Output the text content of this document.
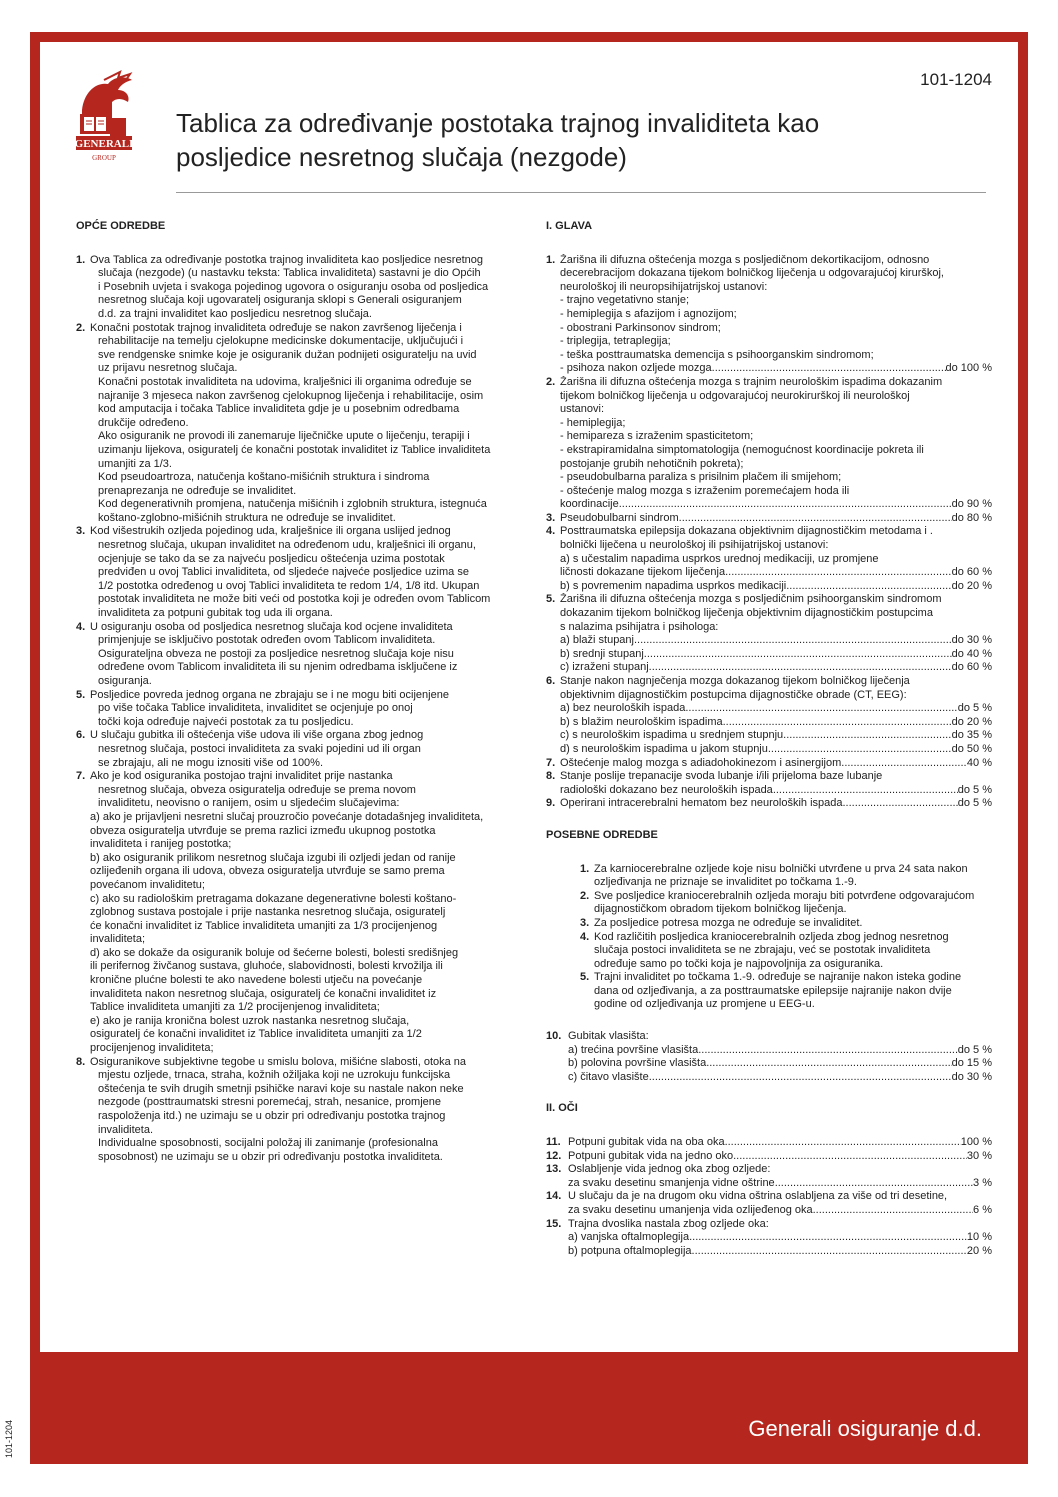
101-1204
GENERALI
GROUP
Tablica za određivanje postotaka trajnog invaliditeta kao
posljedice nesretnog slučaja (nezgode)
OPĆE ODREDBE
1. Ova Tablica za određivanje postotka trajnog invaliditeta kao posljedice nesretnog
slučaja (nezgode) (u nastavku teksta: Tablica invaliditeta) sastavni je dio Općih
i Posebnih uvjeta i svakoga pojedinog ugovora o osiguranju osoba od posljedica
nesretnog slučaja koji ugovaratelj osiguranja sklopi s Generali osiguranjem
d.d. za trajni invaliditet kao posljedicu nesretnog slučaja.
2. Konačni postotak trajnog invaliditeta određuje se nakon završenog liječenja i
rehabilitacije na temelju cjelokupne medicinske dokumentacije, uključujući i
sve rendgenske snimke koje je osiguranik dužan podnijeti osiguratelju na uvid
uz prijavu nesretnog slučaja.
Konačni postotak invaliditeta na udovima, kralješnici ili organima određuje se
najranije 3 mjeseca nakon završenog cjelokupnog liječenja i rehabilitacije, osim
kod amputacija i točaka Tablice invaliditeta gdje je u posebnim odredbama
drukčije određeno.
Ako osiguranik ne provodi ili zanemaruje liječničke upute o liječenju, terapiji i
uzimanju lijekova, osiguratelj će konačni postotak invaliditet iz Tablice invaliditeta
umanjiti za 1/3.
Kod pseudoartroza, natučenja koštano-mišićnih struktura i sindroma
prenaprezanja ne određuje se invaliditet.
Kod degenerativnih promjena, natučenja mišićnih i zglobnih struktura, istegnuća
koštano-zglobno-mišićnih struktura ne određuje se invaliditet.
3. Kod višestrukih ozljeda pojedinog uda, kralješnice ili organa uslijed jednog
nesretnog slučaja, ukupan invaliditet na određenom udu, kralješnici ili organu,
ocjenjuje se tako da se za najveću posljedicu oštećenja uzima postotak
predviđen u ovoj Tablici invaliditeta, od sljedeće najveće posljedice uzima se
1/2 postotka određenog u ovoj Tablici invaliditeta te redom 1/4, 1/8 itd. Ukupan
postotak invaliditeta ne može biti veći od postotka koji je određen ovom Tablicom
invaliditeta za potpuni gubitak tog uda ili organa.
4. U osiguranju osoba od posljedica nesretnog slučaja kod ocjene invaliditeta
primjenjuje se isključivo postotak određen ovom Tablicom invaliditeta.
Osigurateljna obveza ne postoji za posljedice nesretnog slučaja koje nisu
određene ovom Tablicom invaliditeta ili su njenim odredbama isključene iz
osiguranja.
5. Posljedice povreda jednog organa ne zbrajaju se i ne mogu biti ocijenjene
po više točaka Tablice invaliditeta, invaliditet se ocjenjuje po onoj
točki koja određuje najveći postotak za tu posljedicu.
6. U slučaju gubitka ili oštećenja više udova ili više organa zbog jednog
nesretnog slučaja, postoci invaliditeta za svaki pojedini ud ili organ
se zbrajaju, ali ne mogu iznositi više od 100%.
7. Ako je kod osiguranika postojao trajni invaliditet prije nastanka
nesretnog slučaja, obveza osiguratelja određuje se prema novom
invaliditetu, neovisno o ranijem, osim u sljedećim slučajevima:
a) ako je prijavljeni nesretni slučaj prouzročio povećanje dotadašnjeg invaliditeta,
obveza osiguratelja utvrđuje se prema razlici između ukupnog postotka
invaliditeta i ranijeg postotka;
b) ako osiguranik prilikom nesretnog slučaja izgubi ili ozljedi jedan od ranije
ozlijeđenih organa ili udova, obveza osiguratelja utvrđuje se samo prema
povećanom invaliditetu;
c) ako su radiološkim pretragama dokazane degenerativne bolesti koštano-
zglobnog sustava postojale i prije nastanka nesretnog slučaja, osiguratelj
će konačni invaliditet iz Tablice invaliditeta umanjiti za 1/3 procijenjenog
invaliditeta;
d) ako se dokaže da osiguranik boluje od šećerne bolesti, bolesti središnjeg
ili perifernog živčanog sustava, gluhoće, slabovidnosti, bolesti krvožilja ili
kronične plućne bolesti te ako navedene bolesti utječu na povećanje
invaliditeta nakon nesretnog slučaja, osiguratelj će konačni invaliditet iz
Tablice invaliditeta umanjiti za 1/2 procijenjenog invaliditeta;
e) ako je ranija kronična bolest uzrok nastanka nesretnog slučaja,
osiguratelj će konačni invaliditet iz Tablice invaliditeta umanjiti za 1/2
procijenjenog invaliditeta;
8. Osiguranikove subjektivne tegobe u smislu bolova, mišićne slabosti, otoka na
mjestu ozljede, trnaca, straha, kožnih ožiljaka koji ne uzrokuju funkcijska
oštećenja te svih drugih smetnji psihičke naravi koje su nastale nakon neke
nezgode (posttraumatski stresni poremećaj, strah, nesanice, promjene
raspoloženja itd.) ne uzimaju se u obzir pri određivanju postotka trajnog
invaliditeta.
Individualne sposobnosti, socijalni položaj ili zanimanje (profesionalna
sposobnost) ne uzimaju se u obzir pri određivanju postotka invaliditeta.
I. GLAVA
1. Žarišna ili difuzna oštećenja mozga s posljedičnom dekortikacijom, odnosno
decerebracijom dokazana tijekom bolničkog liječenja u odgovarajućoj kirurškoj,
neurološkoj ili neuropsihijatrijskoj ustanovi:
- trajno vegetativno stanje;
- hemiplegija s afazijom i agnozijom;
- obostrani Parkinsonov sindrom;
- triplegija, tetraplegija;
- teška posttraumatska demencija s psihoorganskim sindromom;
- psihoza nakon ozljede mozga .....	do 100 %
2. Žarišna ili difuzna oštećenja mozga s trajnim neurološkim ispadima dokazanim
tijekom bolničkog liječenja u odgovarajućoj neurokirurškoj ili neurološkoj
ustanovi:
- hemiplegija;
- hemipareza s izraženim spasticitetom;
- ekstrapiramidalna simptomatologija (nemogućnost koordinacije pokreta ili
postojanje grubih nehotičnih pokreta);
- pseudobulbarna paraliza s prisilnim plačem ili smijehom;
- oštećenje malog mozga s izraženim poremećajem hoda ili
koordinacije .....	do 90 %
3. Pseudobulbarni sindrom .....	do 80 %
4. Posttraumatska epilepsija dokazana objektivnim dijagnostičkim metodama i .
bolnički liječena u neurološkoj ili psihijatrijskoj ustanovi:
a) s učestalim napadima usprkos urednoj medikaciji, uz promjene
ličnosti dokazane tijekom liječenja .....	do 60 %
b) s povremenim napadima usprkos medikaciji .....	do 20 %
5. Žarišna ili difuzna oštećenja mozga s posljedičnim psihoorganskim sindromom
dokazanim tijekom bolničkog liječenja objektivnim dijagnostičkim postupcima
s nalazima psihijatra i psihologa:
a) blaži stupanj .....	do 30 %
b) srednji stupanj .....	do 40 %
c) izraženi stupanj .....	do 60 %
6. Stanje nakon nagnječenja mozga dokazanog tijekom bolničkog liječenja
objektivnim dijagnostičkim postupcima dijagnostičke obrade (CT, EEG):
a) bez neuroloških ispada .....	do 5 %
b) s blažim neurološkim ispadima .....	do 20 %
c) s neurološkim ispadima u srednjem stupnju .....	do 35 %
d) s neurološkim ispadima u jakom stupnju .....	do 50 %
7. Oštećenje malog mozga s adiadohokinezom i asinergijom .....	40 %
8. Stanje poslije trepanacije svoda lubanje i/ili prijeloma baze lubanje
radiološki dokazano bez neuroloških ispada .....	do 5 %
9. Operirani intracerebralni hematom bez neuroloških ispada .....	do 5 %
POSEBNE ODREDBE
1. Za karniocerebralne ozljede koje nisu bolnički utvrđene u prva 24 sata nakon
ozljeđivanja ne priznaje se invaliditet po točkama 1.-9.
2. Sve posljedice kraniocerebralnih ozljeda moraju biti potvrđene odgovarajućom
dijagnostičkom obradom tijekom bolničkog liječenja.
3. Za posljedice potresa mozga ne određuje se invaliditet.
4. Kod različitih posljedica kraniocerebralnih ozljeda zbog jednog nesretnog
slučaja postoci invaliditeta se ne zbrajaju, već se postotak invaliditeta
određuje samo po točki koja je najpovoljnija za osiguranika.
5. Trajni invaliditet po točkama 1.-9. određuje se najranije nakon isteka godine
dana od ozljeđivanja, a za posttraumatske epilepsije najranije nakon dvije
godine od ozljeđivanja uz promjene u EEG-u.
10. Gubitak vlasišta:
a) trećina površine vlasišta .....	do 5 %
b) polovina površine vlasišta .....	do 15 %
c) čitavo vlasište .....	do 30 %
II. OČI
11. Potpuni gubitak vida na oba oka .....	100 %
12. Potpuni gubitak vida na jedno oko .....	30 %
13. Oslabljenje vida jednog oka zbog ozljede:
za svaku desetinu smanjenja vidne oštrine .....	3 %
14. U slučaju da je na drugom oku vidna oštrina oslabljena za više od tri desetine,
za svaku desetinu umanjenja vida ozlijeđenog oka .....	6 %
15. Trajna dvoslika nastala zbog ozljede oka:
a) vanjska oftalmoplegija .....	10 %
b) potpuna oftalmoplegija .....	20 %
Generali osiguranje d.d.
101-1204
